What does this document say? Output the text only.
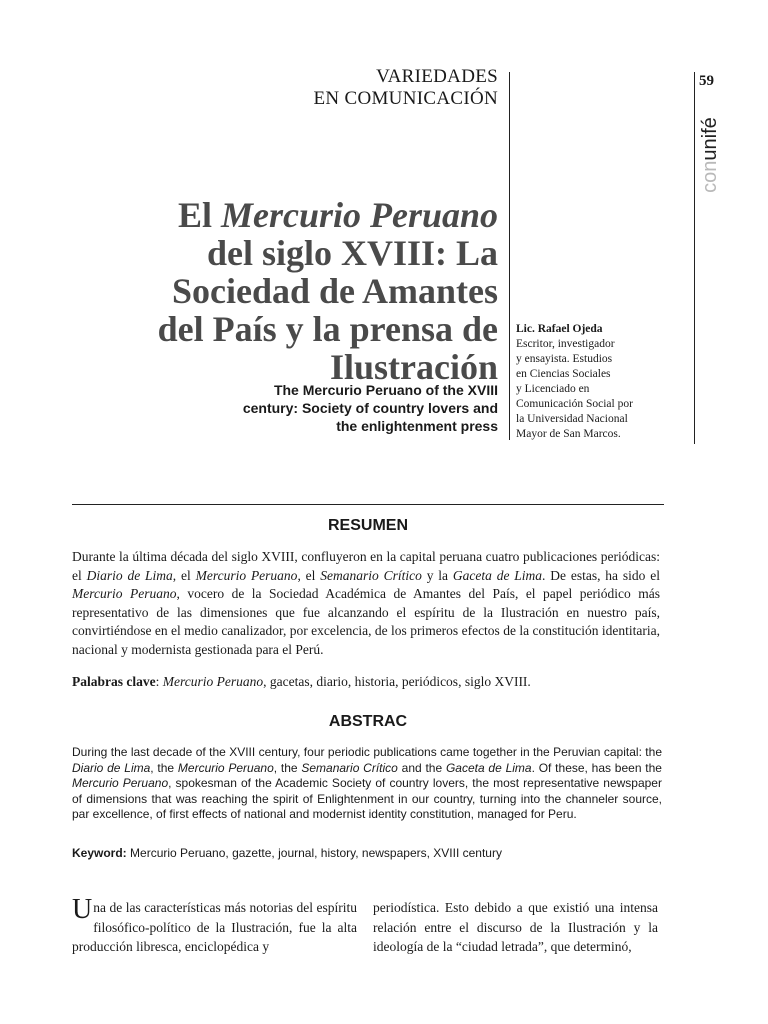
VARIEDADES
EN COMUNICACIÓN
59
con
unifé
El Mercurio Peruano
del siglo XVIII: La
Sociedad de Amantes
del País y la prensa de
Ilustración
The Mercurio Peruano of the XVIII
century: Society of country lovers and
the enlightenment press
Lic. Rafael Ojeda
Escritor, investigador
y ensayista. Estudios
en Ciencias Sociales
y Licenciado en
Comunicación Social por
la Universidad Nacional
Mayor de San Marcos.
RESUMEN
Durante la última década del siglo XVIII, confluyeron en la capital peruana cuatro publicaciones periódicas: el Diario de Lima, el Mercurio Peruano, el Semanario Crítico y la Gaceta de Lima. De estas, ha sido el Mercurio Peruano, vocero de la Sociedad Académica de Amantes del País, el papel periódico más representativo de las dimensiones que fue alcanzando el espíritu de la Ilustración en nuestro país, convirtiéndose en el medio canalizador, por excelencia, de los primeros efectos de la constitución identitaria, nacional y modernista gestionada para el Perú.
Palabras clave: Mercurio Peruano, gacetas, diario, historia, periódicos, siglo XVIII.
ABSTRAC
During the last decade of the XVIII century, four periodic publications came together in the Peruvian capital: the Diario de Lima, the Mercurio Peruano, the Semanario Crítico and the Gaceta de Lima. Of these, has been the Mercurio Peruano, spokesman of the Academic Society of country lovers, the most representative newspaper of dimensions that was reaching the spirit of Enlightenment in our country, turning into the channeler source, par excellence, of first effects of national and modernist identity constitution, managed for Peru.
Keyword: Mercurio Peruano, gazette, journal, history, newspapers, XVIII century
Una de las características más notorias del espíritu filosófico-político de la Ilustración, fue la alta producción libresca, enciclopédica y
periodística. Esto debido a que existió una intensa relación entre el discurso de la Ilustración y la ideología de la “ciudad letrada”, que determinó,
